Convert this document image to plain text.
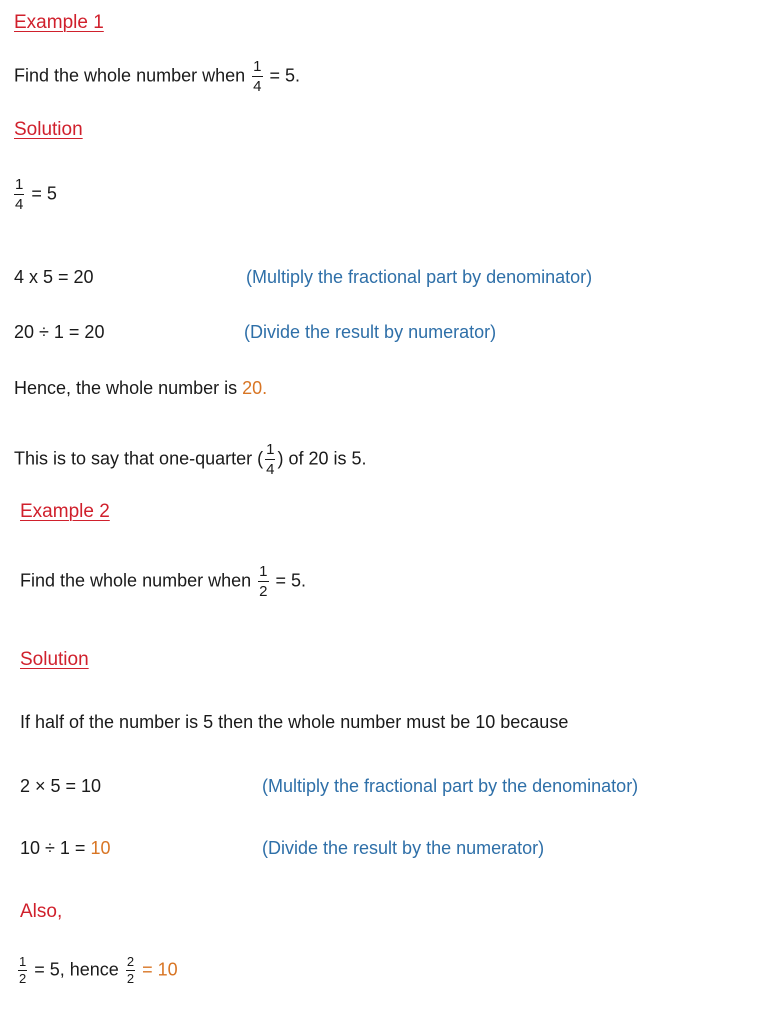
Example 1
Find the whole number when $\frac{1}{4} = 5$.
Solution
$\frac{1}{4} = 5$
4 x 5 = 20	(Multiply the fractional part by denominator)
20 ÷ 1 = 20	(Divide the result by numerator)
Hence, the whole number is 20.
This is to say that one-quarter ( $\frac{1}{4}$ ) of 20 is 5.
Example 2
Find the whole number when $\frac{1}{2} = 5$.
Solution
If half of the number is 5 then the whole number must be 10 because
2 × 5 = 10	(Multiply the fractional part by the denominator)
10 ÷ 1 = 10	(Divide the result by the numerator)
Also,
$\frac{1}{2} = 5$, hence $\frac{2}{2} = 10$
